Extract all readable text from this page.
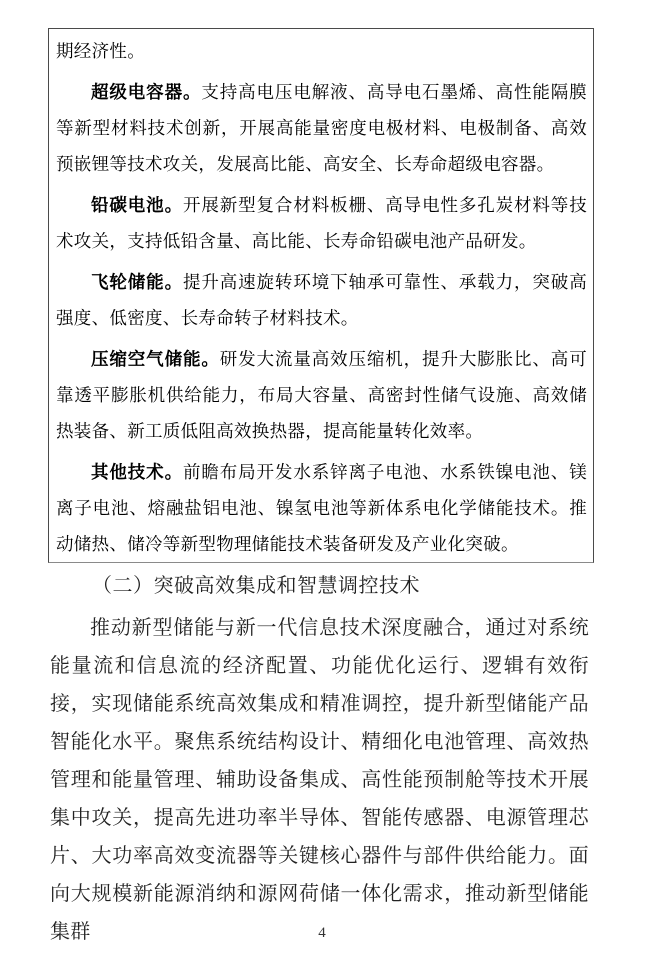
期经济性。

超级电容器。支持高电压电解液、高导电石墨烯、高性能隔膜等新型材料技术创新，开展高能量密度电极材料、电极制备、高效预嵌锂等技术攻关，发展高比能、高安全、长寿命超级电容器。

铅碳电池。开展新型复合材料板栅、高导电性多孔炭材料等技术攻关，支持低铅含量、高比能、长寿命铅碳电池产品研发。

飞轮储能。提升高速旋转环境下轴承可靠性、承载力，突破高强度、低密度、长寿命转子材料技术。

压缩空气储能。研发大流量高效压缩机，提升大膨胀比、高可靠透平膨胀机供给能力，布局大容量、高密封性储气设施、高效储热装备、新工质低阻高效换热器，提高能量转化效率。

其他技术。前瞻布局开发水系锌离子电池、水系铁镍电池、镁离子电池、熔融盐铝电池、镍氢电池等新体系电化学储能技术。推动储热、储冷等新型物理储能技术装备研发及产业化突破。

（二）突破高效集成和智慧调控技术

推动新型储能与新一代信息技术深度融合，通过对系统能量流和信息流的经济配置、功能优化运行、逻辑有效衔接，实现储能系统高效集成和精准调控，提升新型储能产品智能化水平。聚焦系统结构设计、精细化电池管理、高效热管理和能量管理、辅助设备集成、高性能预制舱等技术开展集中攻关，提高先进功率半导体、智能传感器、电源管理芯片、大功率高效变流器等关键核心器件与部件供给能力。面向大规模新能源消纳和源网荷储一体化需求，推动新型储能集群	4
